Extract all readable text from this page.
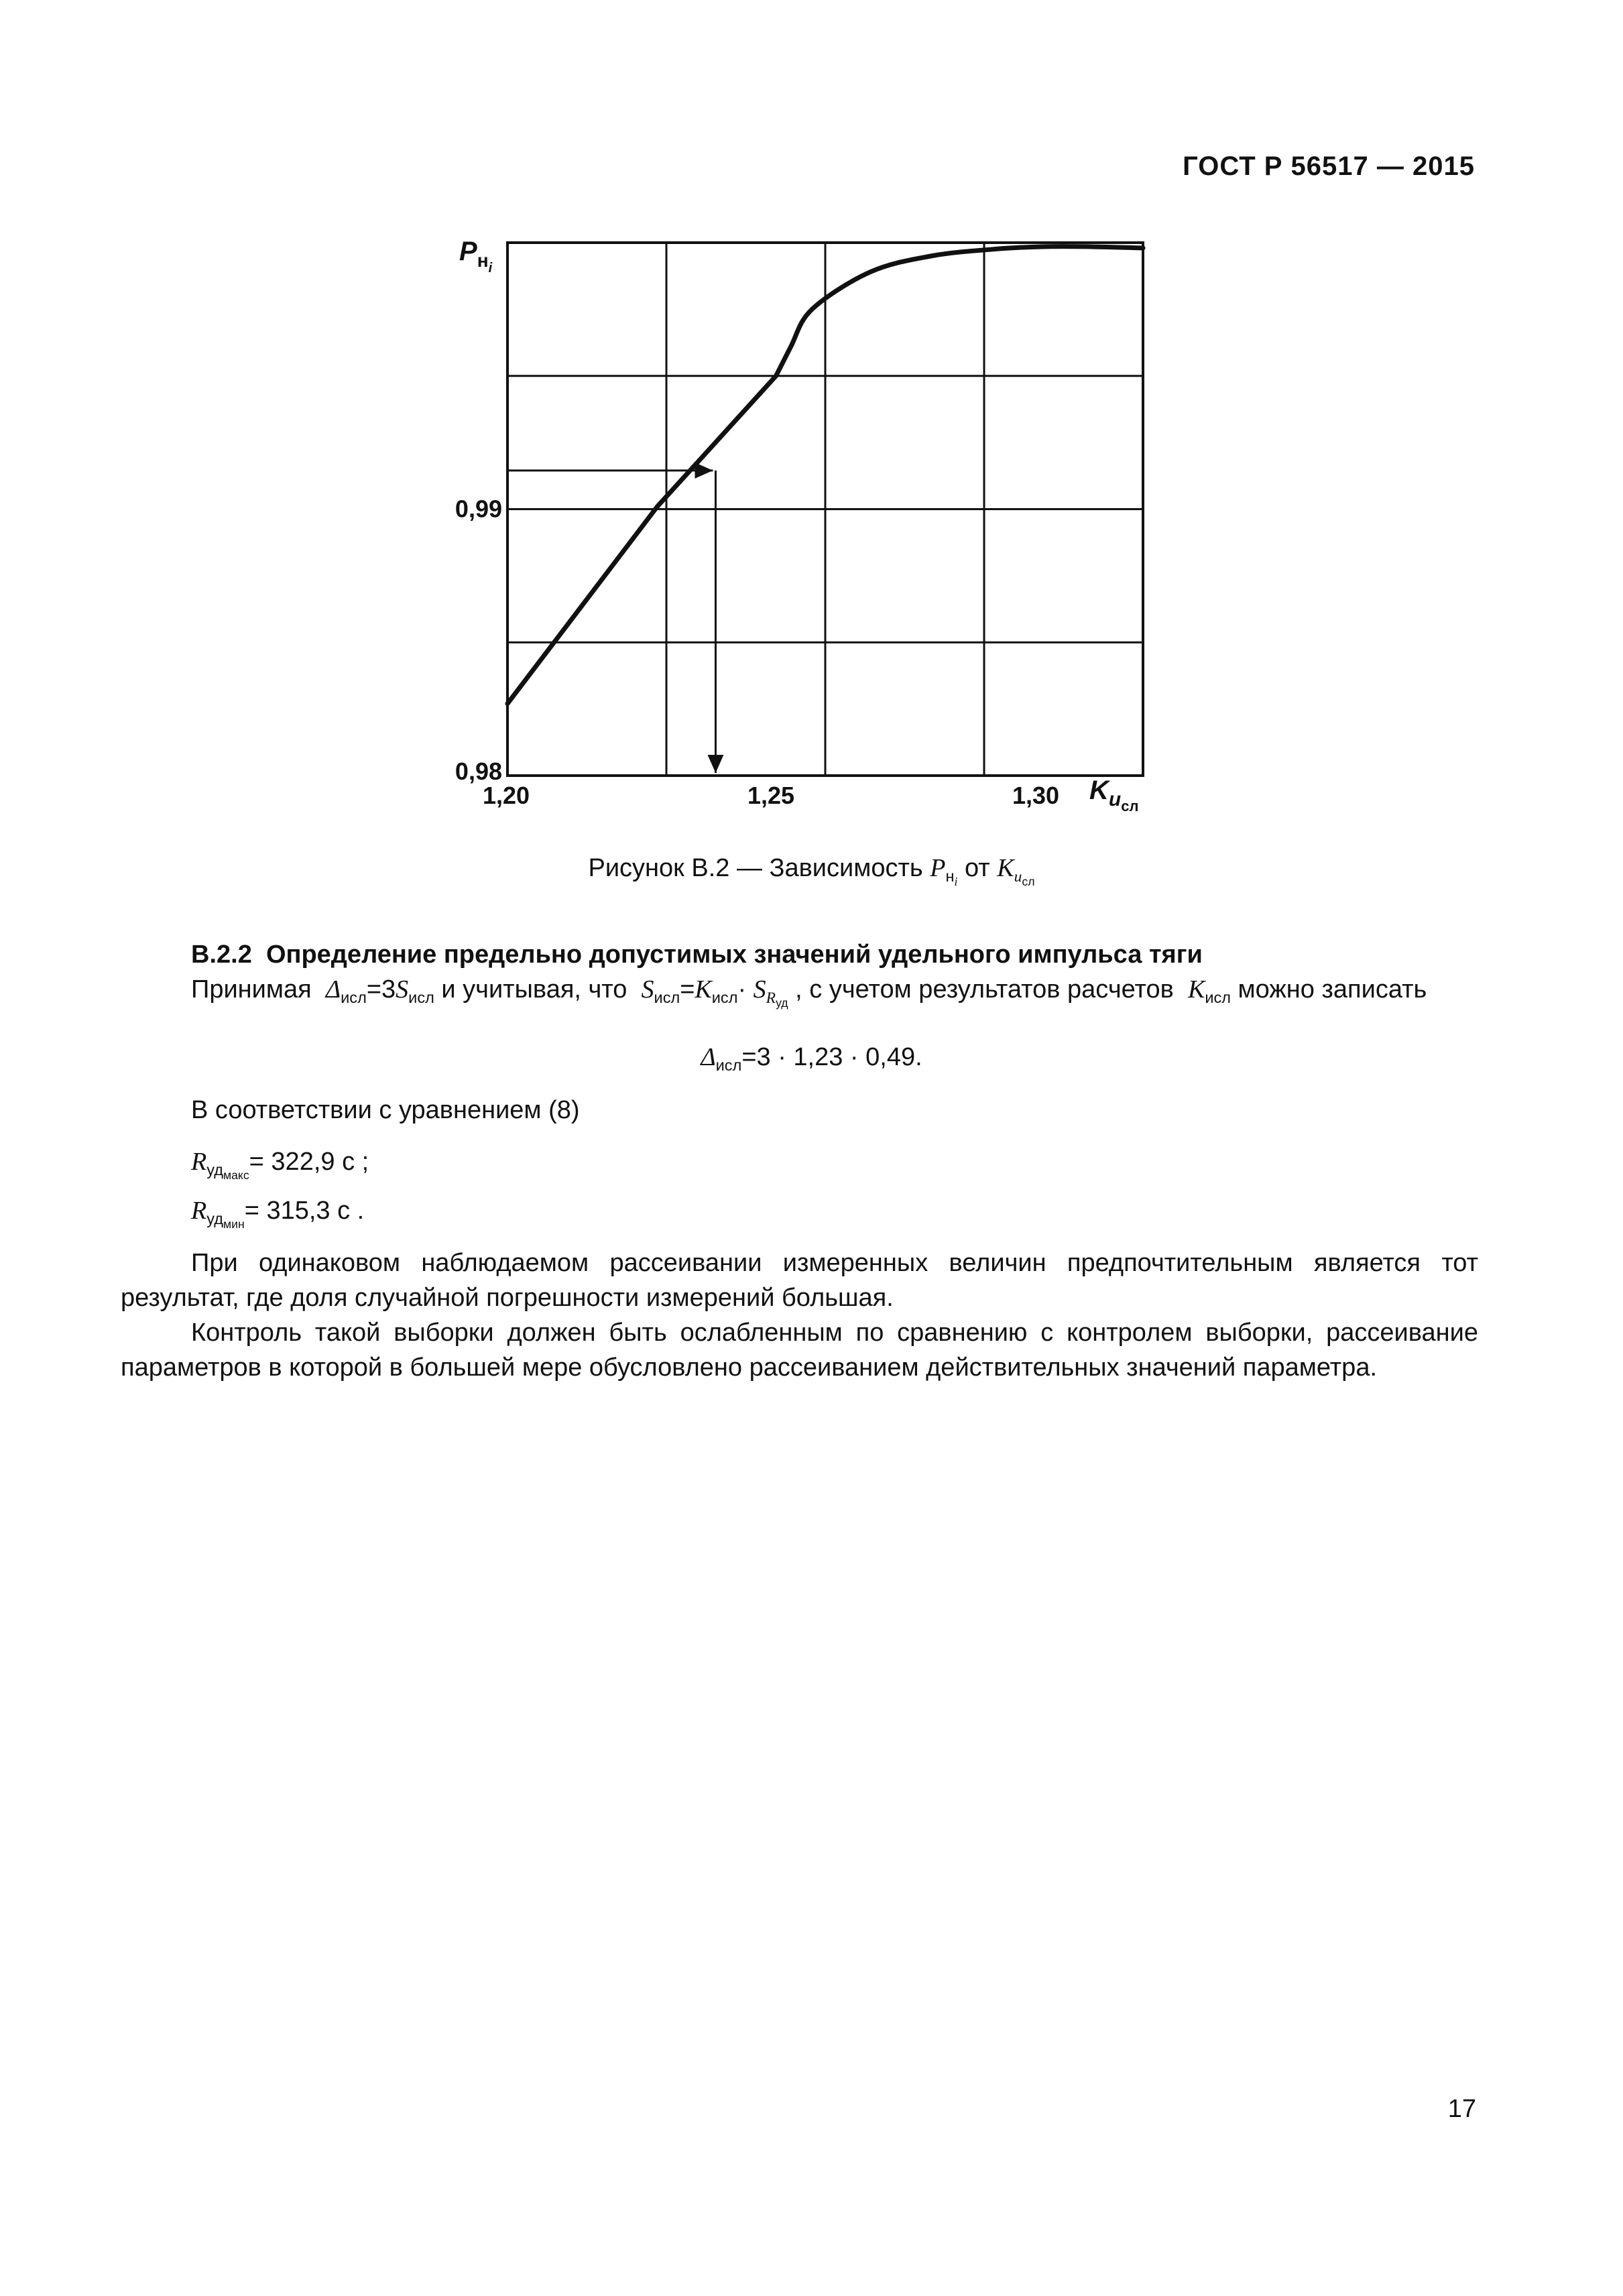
ГОСТ Р 56517 — 2015
0,98
0,99
1,20	1,25	1,30
$P_{нi}$
$K_{исл}$
Рисунок В.2 — Зависимость $P_{н_i}$ от $K_{и_{сл}}$
В.2.2 Определение предельно допустимых значений удельного импульса тяги
Принимая  $\Delta_{исл}=3S_{исл}$ и учитывая, что  $S_{исл}=K_{исл}\cdot S_{R_{уд}}$ , с учетом результатов расчетов  $K_{исл}$ можно записать
$\Delta_{исл}=3 \cdot 1,23 \cdot 0,49$.
В соответствии с уравнением (8)
$R_{уд_{макс}}= 322,9$ с ;
$R_{уд_{мин}}= 315,3$ с .
При одинаковом наблюдаемом рассеивании измеренных величин предпочтительным является тот результат, где доля случайной погрешности измерений большая.
Контроль такой выборки должен быть ослабленным по сравнению с контролем выборки, рассеивание параметров в которой в большей мере обусловлено рассеиванием действительных значений параметра.
17
